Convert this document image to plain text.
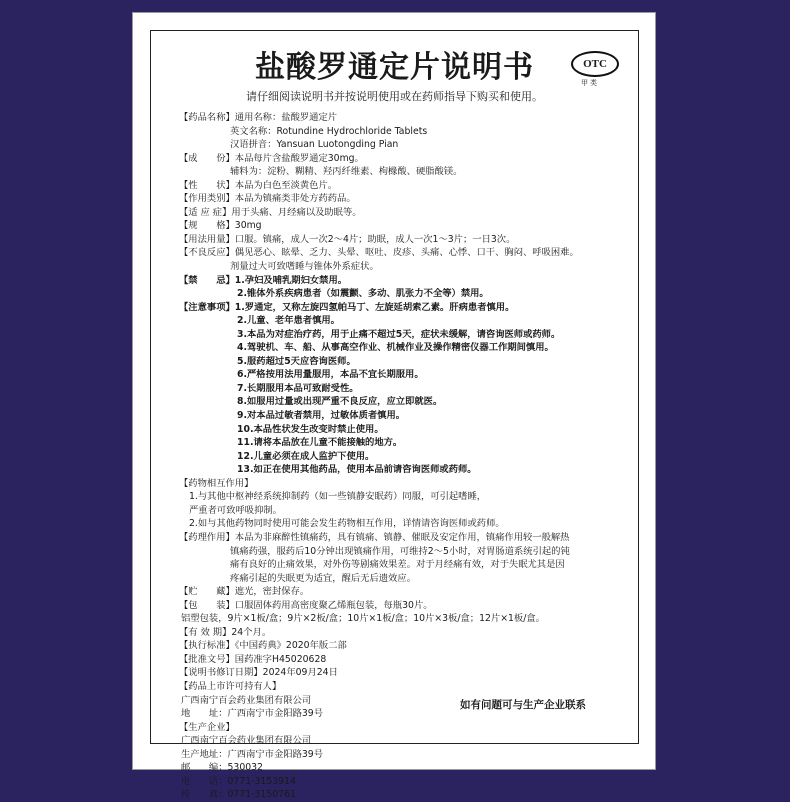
盐酸罗通定片说明书	OTC
甲类
请仔细阅读说明书并按说明使用或在药师指导下购买和使用。
【药品名称】通用名称：盐酸罗通定片
英文名称：Rotundine Hydrochloride Tablets
汉语拼音：Yansuan Luotongding Pian
【成　　份】本品每片含盐酸罗通定30mg。
辅料为：淀粉、糊精、羟丙纤维素、枸橼酸、硬脂酸镁。
【性　　状】本品为白色至淡黄色片。
【作用类别】本品为镇痛类非处方药药品。
【适 应 症】用于头痛、月经痛以及助眠等。
【规　　格】30mg
【用法用量】口服。镇痛，成人一次2～4片；助眠，成人一次1～3片；一日3次。
【不良反应】偶见恶心、眩晕、乏力、头晕、呕吐、皮疹、头痛、心悸、口干、胸闷、呼吸困难。
剂量过大可致嗜睡与锥体外系症状。
【禁　　忌】1.孕妇及哺乳期妇女禁用。
2.锥体外系疾病患者（如震颤、多动、肌张力不全等）禁用。
【注意事项】1.罗通定，又称左旋四氢帕马丁、左旋延胡索乙素。肝病患者慎用。
2.儿童、老年患者慎用。
3.本品为对症治疗药，用于止痛不超过5天，症状未缓解，请咨询医师或药师。
4.驾驶机、车、船、从事高空作业、机械作业及操作精密仪器工作期间慎用。
5.服药超过5天应咨询医师。
6.严格按用法用量服用，本品不宜长期服用。
7.长期服用本品可致耐受性。
8.如服用过量或出现严重不良反应，应立即就医。
9.对本品过敏者禁用，过敏体质者慎用。
10.本品性状发生改变时禁止使用。
11.请将本品放在儿童不能接触的地方。
12.儿童必须在成人监护下使用。
13.如正在使用其他药品，使用本品前请咨询医师或药师。
【药物相互作用】
1.与其他中枢神经系统抑制药（如一些镇静安眠药）同服，可引起嗜睡，
严重者可致呼吸抑制。
2.如与其他药物同时使用可能会发生药物相互作用，详情请咨询医师或药师。
【药理作用】本品为非麻醉性镇痛药，具有镇痛、镇静、催眠及安定作用，镇痛作用较一般解热
镇痛药强，服药后10分钟出现镇痛作用，可维持2～5小时，对胃肠道系统引起的钝
痛有良好的止痛效果，对外伤等剧痛效果差。对于月经痛有效，对于失眠尤其是因
疼痛引起的失眠更为适宜，醒后无后遗效应。
【贮　　藏】遮光，密封保存。
【包　　装】口服固体药用高密度聚乙烯瓶包装，每瓶30片。
铝塑包装，9片×1板/盒；9片×2板/盒；10片×1板/盒；10片×3板/盒；12片×1板/盒。
【有 效 期】24个月。
【执行标准】《中国药典》2020年版二部
【批准文号】国药准字H45020628
【说明书修订日期】2024年09月24日
【药品上市许可持有人】
广西南宁百会药业集团有限公司
地　　址：广西南宁市金阳路39号
【生产企业】
广西南宁百会药业集团有限公司
生产地址：广西南宁市金阳路39号
邮　　编：530032
电　　话：0771-3153914
传　　真：0771-3150761
如有问题可与生产企业联系
